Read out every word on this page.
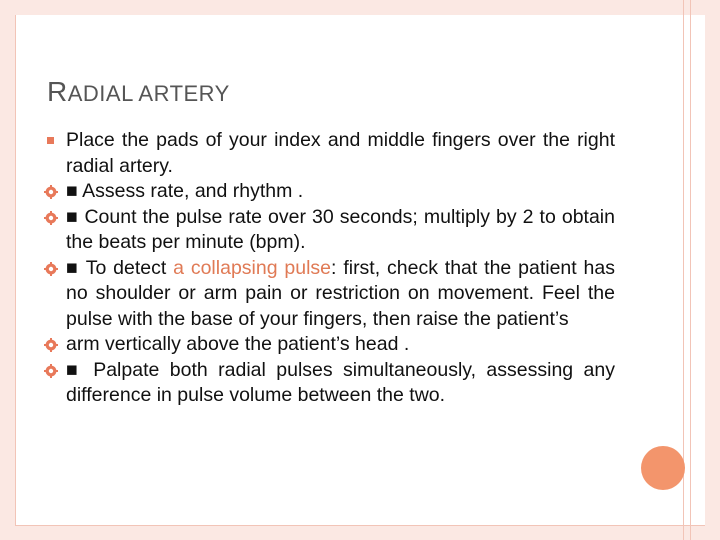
RADIAL ARTERY
Place the pads of your index and middle fingers over the right radial artery.
■ Assess rate, and rhythm .
■ Count the pulse rate over 30 seconds; multiply by 2 to obtain the beats per minute (bpm).
■ To detect a collapsing pulse: first, check that the patient has no shoulder or arm pain or restriction on movement. Feel the pulse with the base of your fingers, then raise the patient’s
arm vertically above the patient’s head .
■ Palpate both radial pulses simultaneously, assessing any difference in pulse volume between the two.
